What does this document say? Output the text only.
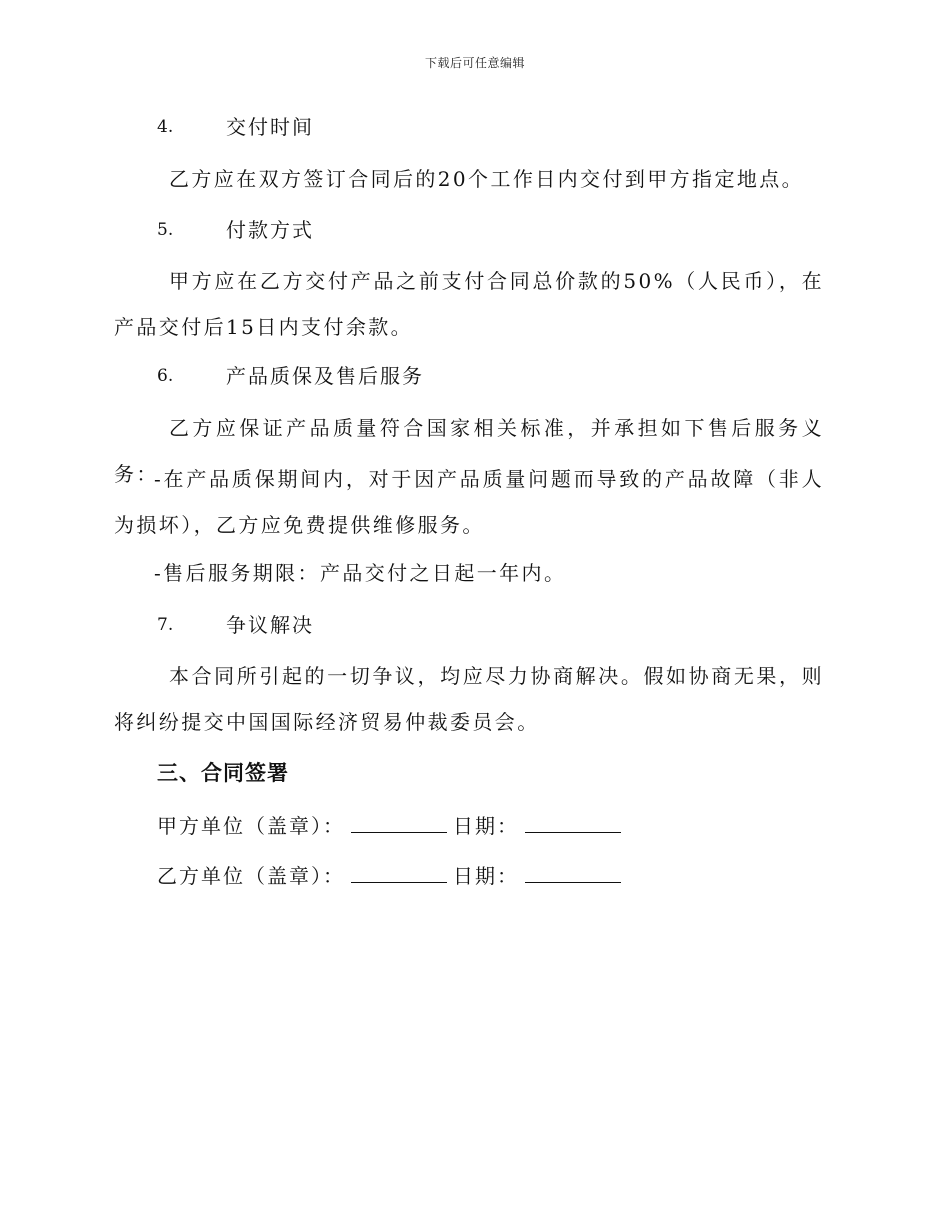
下载后可任意编辑
4.	交付时间
乙方应在双方签订合同后的20个工作日内交付到甲方指定地点。
5.	付款方式
甲方应在乙方交付产品之前支付合同总价款的50%（人民币），在产品交付后15日内支付余款。
6.	产品质保及售后服务
乙方应保证产品质量符合国家相关标准，并承担如下售后服务义务：
-在产品质保期间内，对于因产品质量问题而导致的产品故障（非人为损坏），乙方应免费提供维修服务。
-售后服务期限：产品交付之日起一年内。
7.	争议解决
本合同所引起的一切争议，均应尽力协商解决。假如协商无果，则将纠纷提交中国国际经济贸易仲裁委员会。
三、合同签署
甲方单位（盖章）：	日期：
乙方单位（盖章）：	日期：
